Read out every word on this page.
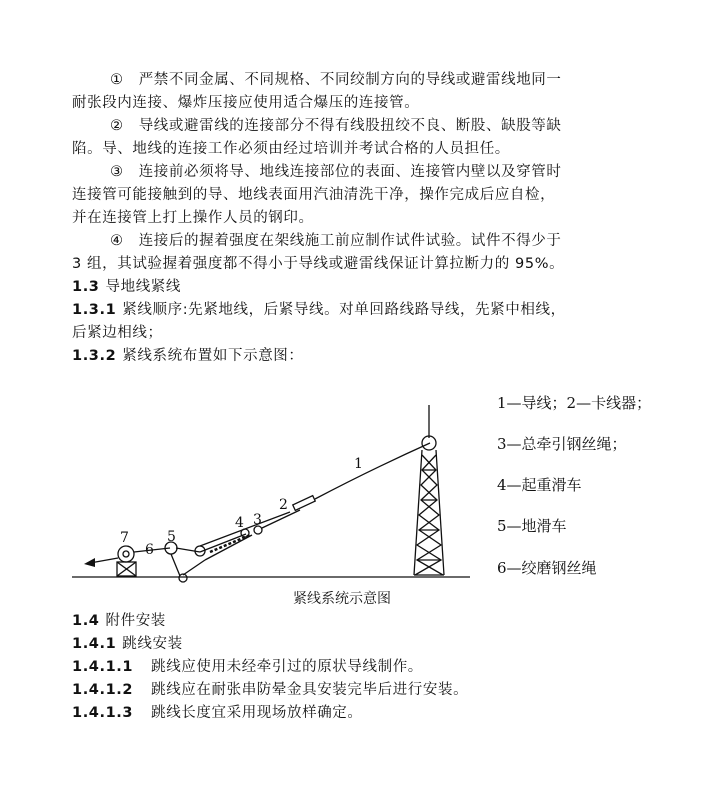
①　严禁不同金属、不同规格、不同绞制方向的导线或避雷线地同一
耐张段内连接、爆炸压接应使用适合爆压的连接管。
②　导线或避雷线的连接部分不得有线股扭绞不良、断股、缺股等缺
陷。导、地线的连接工作必须由经过培训并考试合格的人员担任。
③　连接前必须将导、地线连接部位的表面、连接管内壁以及穿管时
连接管可能接触到的导、地线表面用汽油清洗干净，操作完成后应自检，
并在连接管上打上操作人员的钢印。
④　连接后的握着强度在架线施工前应制作试件试验。试件不得少于
3 组，其试验握着强度都不得小于导线或避雷线保证计算拉断力的 95%。
1.3 导地线紧线
1.3.1 紧线顺序:先紧地线，后紧导线。对单回路线路导线，先紧中相线，
后紧边相线；
1.3.2 紧线系统布置如下示意图：
1
2
3
4
5
6
7
1—导线；2—卡线器；
3—总牵引钢丝绳；
4—起重滑车
5—地滑车
6—绞磨钢丝绳
紧线系统示意图
1.4 附件安装
1.4.1 跳线安装
1.4.1.1 跳线应使用未经牵引过的原状导线制作。
1.4.1.2 跳线应在耐张串防晕金具安装完毕后进行安装。
1.4.1.3 跳线长度宜采用现场放样确定。
